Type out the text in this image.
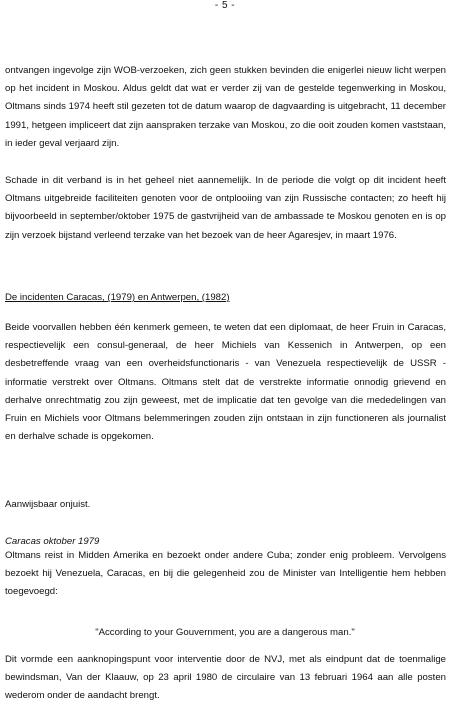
- 5 -

ontvangen ingevolge zijn WOB-verzoeken, zich geen stukken bevinden die enigerlei nieuw licht werpen op het incident in Moskou. Aldus geldt dat wat er verder zij van de gestelde tegenwerking in Moskou, Oltmans sinds 1974 heeft stil gezeten tot de datum waarop de dagvaarding is uitgebracht, 11 december 1991, hetgeen impliceert dat zijn aanspraken terzake van Moskou, zo die ooit zouden komen vaststaan, in ieder geval verjaard zijn.

Schade in dit verband is in het geheel niet aannemelijk. In de periode die volgt op dit incident heeft Oltmans uitgebreide faciliteiten genoten voor de ontplooiing van zijn Russische contacten; zo heeft hij bijvoorbeeld in september/oktober 1975 de gastvrijheid van de ambassade te Moskou genoten en is op zijn verzoek bijstand verleend terzake van het bezoek van de heer Agaresjev, in maart 1976.

De incidenten Caracas, (1979) en Antwerpen, (1982)

Beide voorvallen hebben één kenmerk gemeen, te weten dat een diplomaat, de heer Fruin in Caracas, respectievelijk een consul-generaal, de heer Michiels van Kessenich in Antwerpen, op een desbetreffende vraag van een overheidsfunctionaris - van Venezuela respectievelijk de USSR - informatie verstrekt over Oltmans. Oltmans stelt dat de verstrekte informatie onnodig grievend en derhalve onrechtmatig zou zijn geweest, met de implicatie dat ten gevolge van die mededelingen van Fruin en Michiels voor Oltmans belemmeringen zouden zijn ontstaan in zijn functioneren als journalist en derhalve schade is opgekomen.

Aanwijsbaar onjuist.

Caracas oktober 1979

Oltmans reist in Midden Amerika en bezoekt onder andere Cuba; zonder enig probleem. Vervolgens bezoekt hij Venezuela, Caracas, en bij die gelegenheid zou de Minister van Intelligentie hem hebben toegevoegd:

"According to your Gouvernment, you are a dangerous man."

Dit vormde een aanknopingspunt voor interventie door de NVJ, met als eindpunt dat de toenmalige bewindsman, Van der Klaauw, op 23 april 1980 de circulaire van 13 februari 1964 aan alle posten wederom onder de aandacht brengt.
